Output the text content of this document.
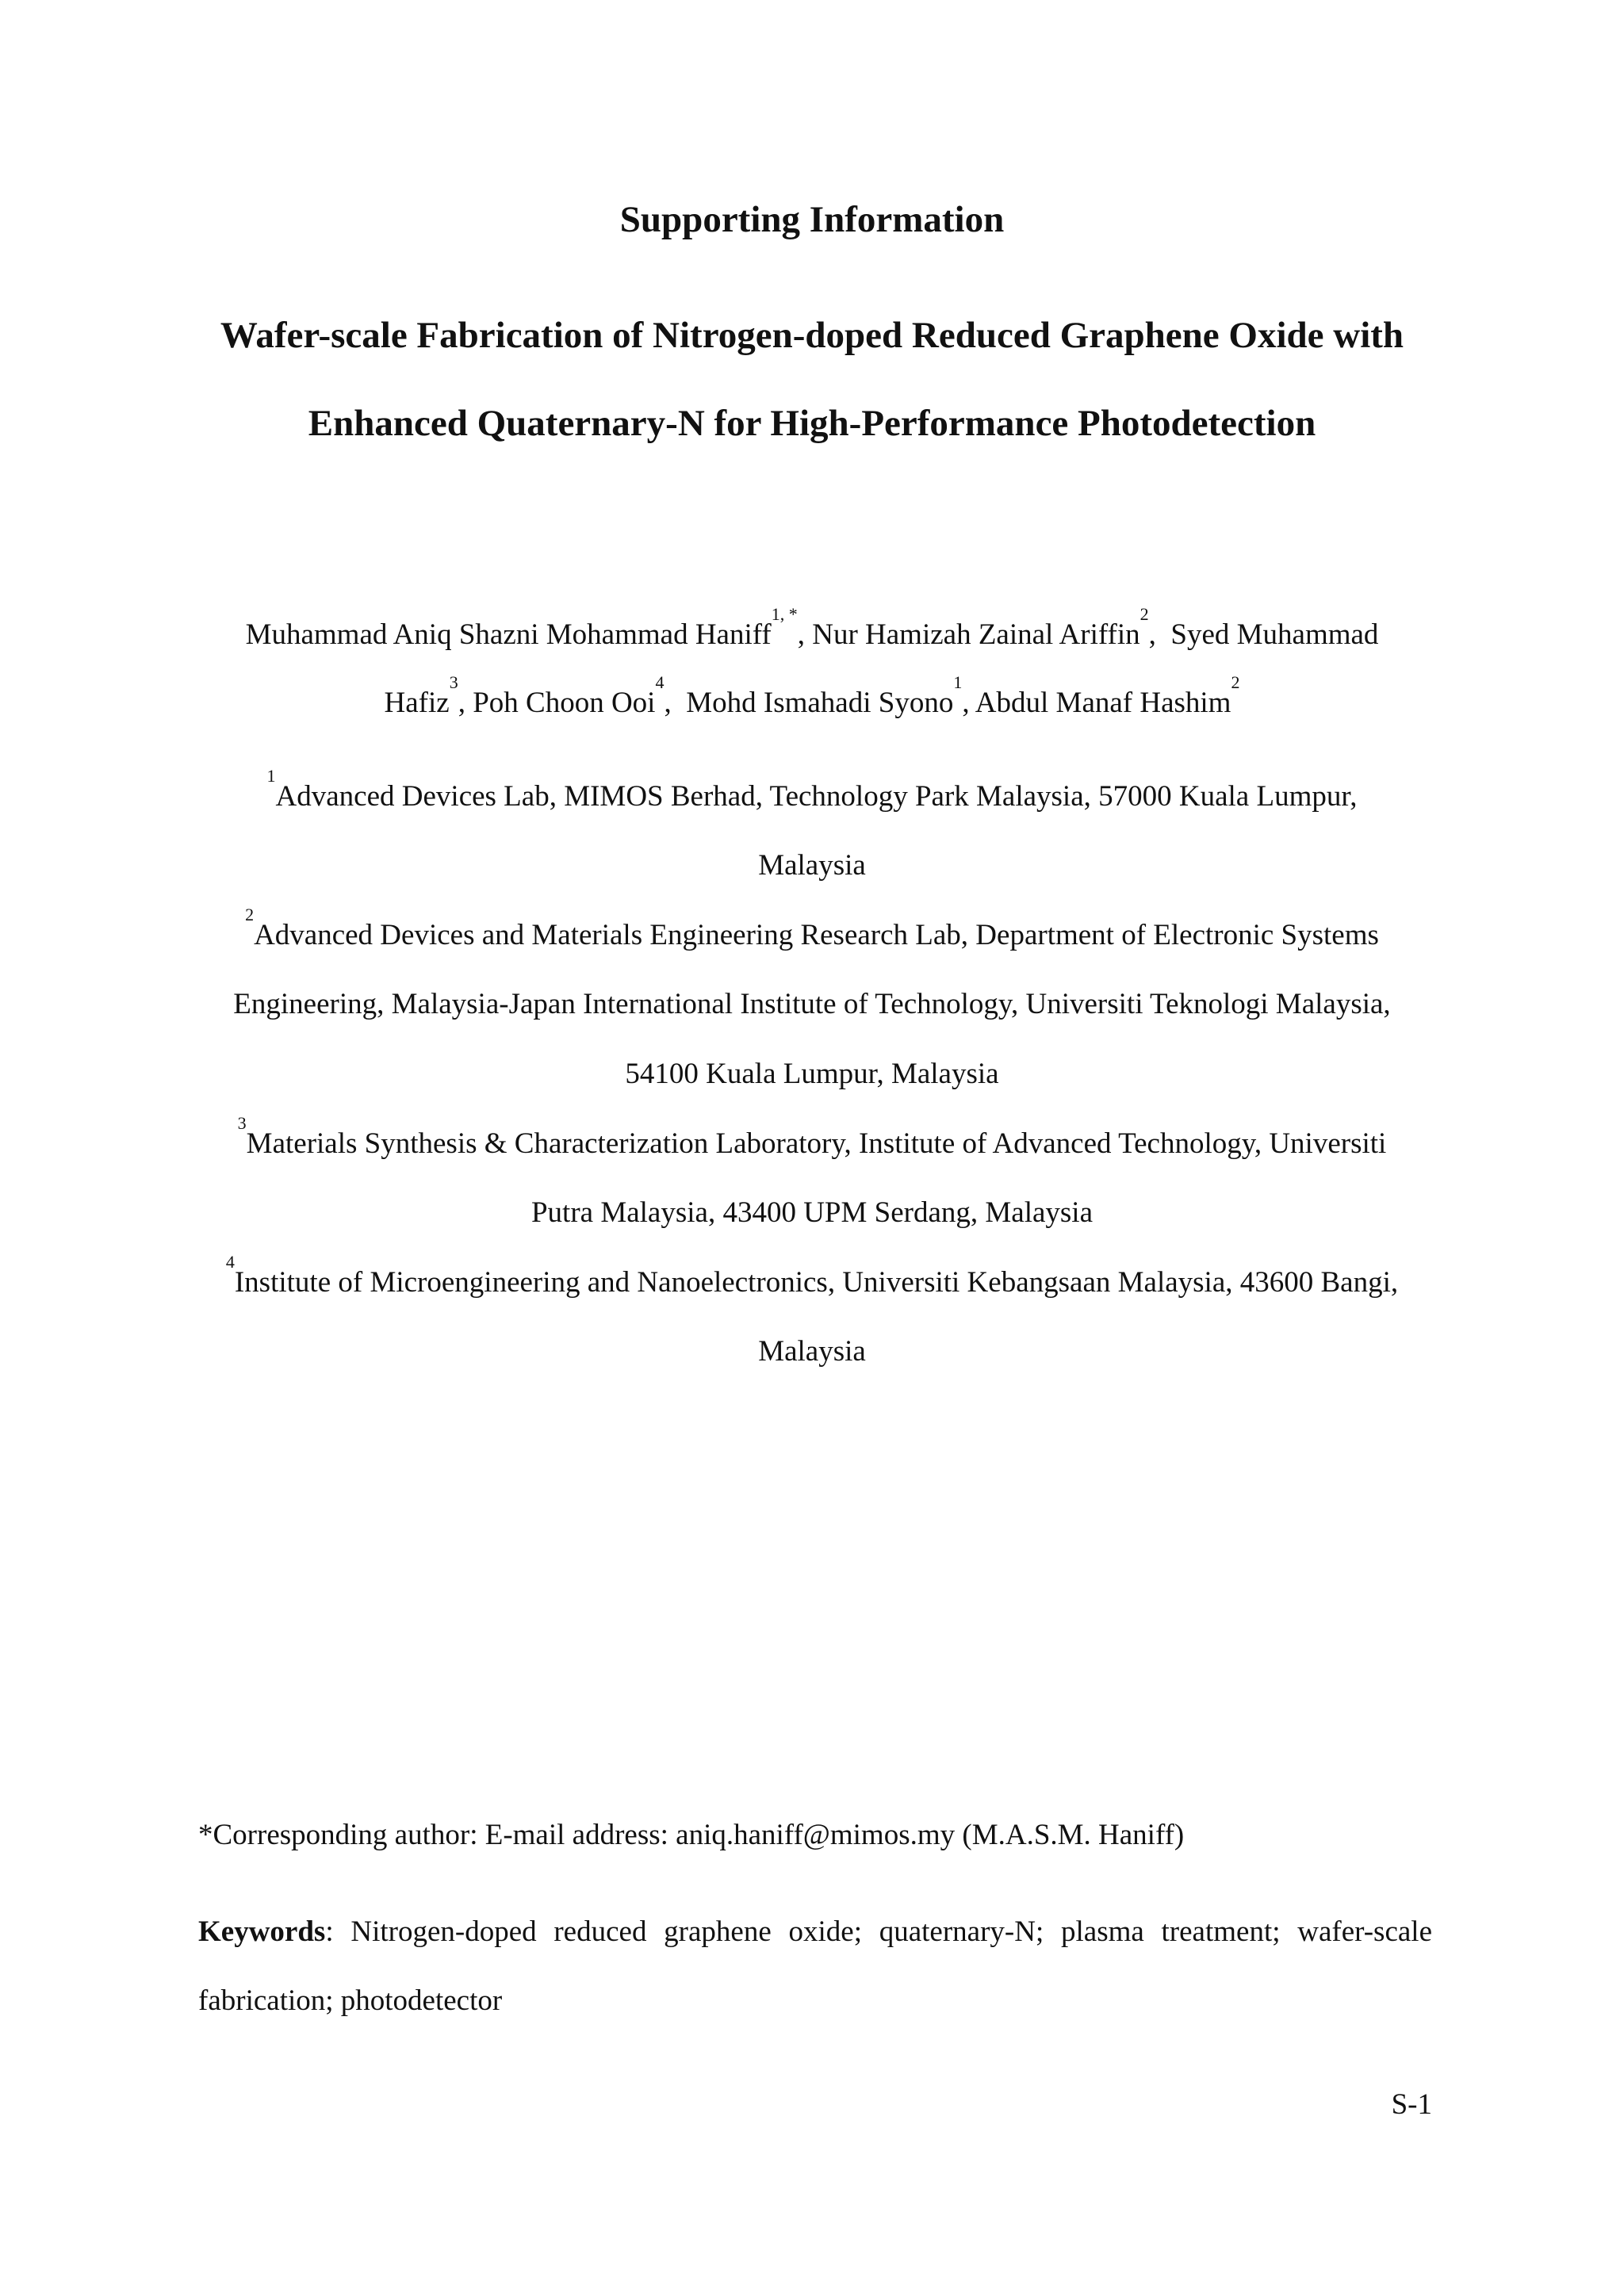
Supporting Information
Wafer-scale Fabrication of Nitrogen-doped Reduced Graphene Oxide with
Enhanced Quaternary-N for High-Performance Photodetection
Muhammad Aniq Shazni Mohammad Haniff$^{1, *}$, Nur Hamizah Zainal Ariffin$^2$,  Syed Muhammad
Hafiz$^3$, Poh Choon Ooi$^4$,  Mohd Ismahadi Syono$^1$, Abdul Manaf Hashim$^2$
$^1$Advanced Devices Lab, MIMOS Berhad, Technology Park Malaysia, 57000 Kuala Lumpur,
Malaysia
$^2$Advanced Devices and Materials Engineering Research Lab, Department of Electronic Systems
Engineering, Malaysia-Japan International Institute of Technology, Universiti Teknologi Malaysia,
54100 Kuala Lumpur, Malaysia
$^3$Materials Synthesis & Characterization Laboratory, Institute of Advanced Technology, Universiti
Putra Malaysia, 43400 UPM Serdang, Malaysia
$^4$Institute of Microengineering and Nanoelectronics, Universiti Kebangsaan Malaysia, 43600 Bangi,
Malaysia
*Corresponding author: E-mail address: aniq.haniff@mimos.my (M.A.S.M. Haniff)
Keywords: Nitrogen-doped reduced graphene oxide; quaternary-N; plasma treatment; wafer-scale
fabrication; photodetector
S-1
